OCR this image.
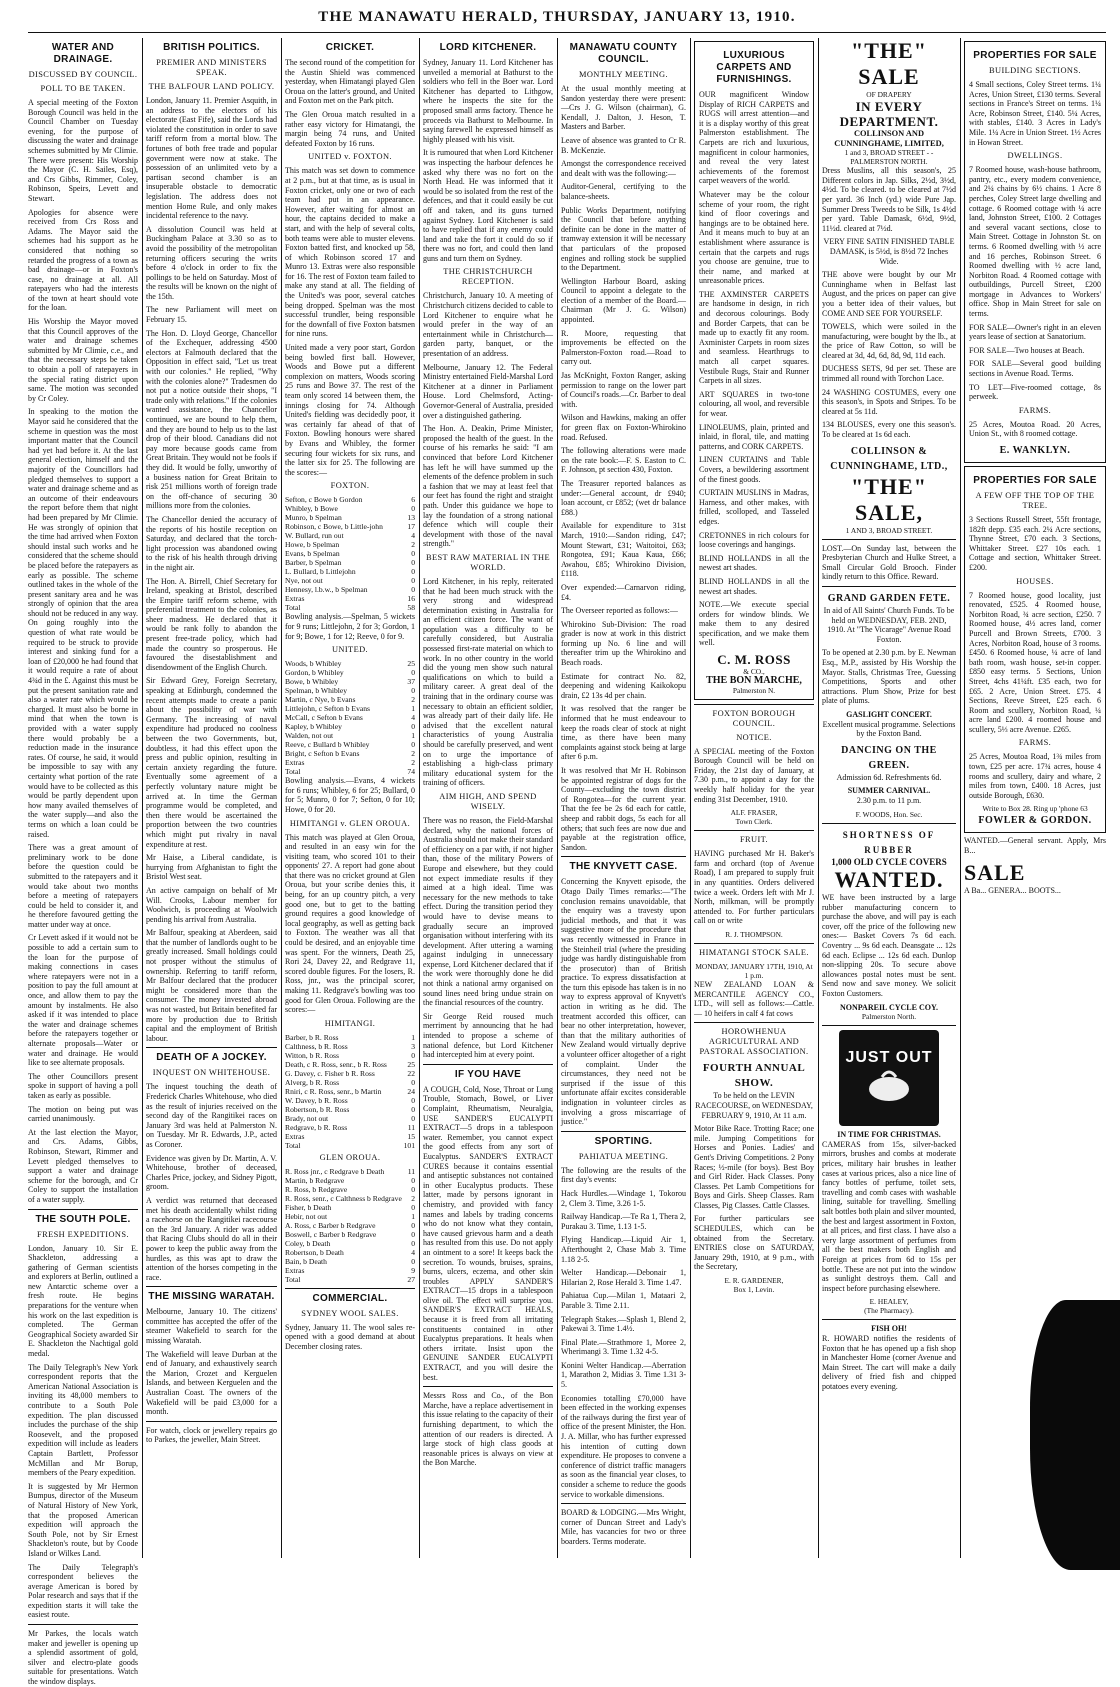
THE MANAWATU HERALD, THURSDAY, JANUARY 13, 1910.
WATER AND DRAINAGE.
DISCUSSED BY COUNCIL.
POLL TO BE TAKEN.

A special meeting of the Foxton Borough Council was held in the Council Chamber on Tuesday evening, for the purpose of discussing the water and drainage schemes submitted by Mr Climie. There were present: His Worship the Mayor (C. H. Sailes, Esq), and Crs Gibbs, Rimmer, Coley, Robinson, Speirs, Levett and Stewart.

Apologies for absence were received from Crs Ross and Adams. The Mayor said the schemes had his support as he considered that nothing so retarded the progress of a town as bad drainage—or in Foxton's case, no drainage at all. All ratepayers who had the interests of the town at heart should vote for the loan.

His Worship the Mayor moved that this Council approves of the water and drainage schemes submitted by Mr Climie, c.e., and that the necessary steps be taken to obtain a poll of ratepayers in the special rating district upon same. The motion was seconded by Cr Coley.

In speaking to the motion the Mayor said he considered that the scheme in question was the most important matter that the Council had yet had before it. At the last general election, himself and the majority of the Councillors had pledged themselves to support a water and drainage scheme and as an outcome of their endeavours the report before them that night had been prepared by Mr Climie. He was strongly of opinion that the time had arrived when Foxton should instal such works and he considered that the scheme should be placed before the ratepayers as early as possible. The scheme outlined takes in the whole of the present sanitary area and he was strongly of opinion that the area should not be reduced in any way. On going roughly into the question of what rate would be required to be struck to provide interest and sinking fund for a loan of £20,000 he had found that it would require a rate of about 4¾d in the £. Against this must be put the present sanitation rate and also a water rate which would be charged. It must also be borne in mind that when the town is provided with a water supply there would probably be a reduction made in the insurance rates. Of course, he said, it would be impossible to say with any certainty what portion of the rate would have to be collected as this would be partly dependent upon how many availed themselves of the water supply—and also the terms on which a loan could be raised.

There was a great amount of preliminary work to be done before the question could be submitted to the ratepayers and it would take about two months before a meeting of ratepayers could be held to consider it, and he therefore favoured getting the matter under way at once.

Cr Levett asked if it would not be possible to add a certain sum to the loan for the purpose of making connections in cases where ratepayers were not in a position to pay the full amount at once, and allow them to pay the amount by instalments. He also asked if it was intended to place the water and drainage schemes before the ratepayers together or alternate proposals—Water or water and drainage. He would like to see alternate proposals.

The other Councillors present spoke in support of having a poll taken as early as possible.

The motion on being put was carried unanimously.

At the last election the Mayor, and Crs. Adams, Gibbs, Robinson, Stewart, Rimmer and Levett pledged themselves to support a water and drainage scheme for the borough, and Cr Coley to support the installation of a water supply.

THE SOUTH POLE.
FRESH EXPEDITIONS.

London, January 10. Sir E. Shackleton, addressing a gathering of German scientists and explorers at Berlin, outlined a new Antarctic scheme over a fresh route. He begins preparations for the venture when his work on the last expedition is completed. The German Geographical Society awarded Sir E. Shackleton the Nachtigal gold medal.

The Daily Telegraph's New York correspondent reports that the American National Association is inviting its 48,000 members to contribute to a South Pole expedition. The plan discussed includes the purchase of the ship Roosevelt, and the proposed expedition will include as leaders Captain Bartlett, Professor McMillan and Mr Borup, members of the Peary expedition.

It is suggested by Mr Hermon Bumpus, director of the Museum of Natural History of New York, that the proposed American expedition will approach the South Pole, not by Sir Ernest Shackleton's route, but by Coode Island or Wilkes Land.

The Daily Telegraph's correspondent believes the average American is bored by Polar research and says that if the expedition starts it will take the easiest route.

Mr Parkes, the locals watch maker and jeweller is opening up a splendid assortment of gold, silver and electro-plate goods suitable for presentations. Watch the window displays.

BRITISH POLITICS.
PREMIER AND MINISTERS SPEAK.
THE BALFOUR LAND POLICY.

London, January 11. Premier Asquith, in an address to the electors of his electorate (East Fife), said the Lords had violated the constitution in order to save tariff reform from a mortal blow. The fortunes of both free trade and popular government were now at stake. The possession of an unlimited veto by a partisan second chamber is an insuperable obstacle to democratic legislation. The address does not mention Home Rule, and only makes incidental reference to the navy.

A dissolution Council was held at Buckingham Palace at 3.30 so as to avoid the possibility of the metropolitan returning officers securing the writs before 4 o'clock in order to fix the pollings to be held on Saturday. Most of the results will be known on the night of the 15th.

The new Parliament will meet on February 15.

The Hon. D. Lloyd George, Chancellor of the Exchequer, addressing 4500 electors at Falmouth declared that the Opposition in effect said, "Let us treat with our colonies." He replied, "Why with the colonies alone?" Tradesmen do not put a notice outside their shops, "I trade only with relations." If the colonies wanted assistance, the Chancellor continued, we are bound to help them, and they are bound to help us to the last drop of their blood. Canadians did not pay more because goods came from Great Britain. They would not be fools if they did. It would be folly, unworthy of a business nation for Great Britain to risk 251 millions worth of foreign trade on the off-chance of securing 30 millions more from the colonies.

The Chancellor denied the accuracy of the reports of his hostile reception on Saturday, and declared that the torch-light procession was abandoned owing to the risk of his health through driving in the night air.

The Hon. A. Birrell, Chief Secretary for Ireland, speaking at Bristol, described the Empire tariff reform scheme, with preferential treatment to the colonies, as sheer madness. He declared that it would be rank folly to abandon the present free-trade policy, which had made the country so prosperous. He favoured the disestablishment and disendowment of the English Church.

Sir Edward Grey, Foreign Secretary, speaking at Edinburgh, condemned the recent attempts made to create a panic about the possibility of war with Germany. The increasing of naval expenditure had produced no coolness between the two Governments, but, doubtless, it had this effect upon the press and public opinion, resulting in certain anxiety regarding the future. Eventually some agreement of a perfectly voluntary nature might be arrived at. In time the German programme would be completed, and then there would be ascertained the proportion between the two countries which might put rivalry in naval expenditure at rest.

Mr Haise, a Liberal candidate, is hurrying from Afghanistan to fight the Bristol West seat.

An active campaign on behalf of Mr Will. Crooks, Labour member for Woolwich, is proceeding at Woolwich pending his arrival from Australia.

Mr Balfour, speaking at Aberdeen, said that the number of landlords ought to be greatly increased. Small holdings could not prosper without the stimulus of ownership. Referring to tariff reform, Mr Balfour declared that the producer might be considered more than the consumer. The money invested abroad was not wasted, but Britain benefited far more by production due to British capital and the employment of British labour.

DEATH OF A JOCKEY.
INQUEST ON WHITEHOUSE.

The inquest touching the death of Frederick Charles Whitehouse, who died as the result of injuries received on the second day of the Rangitikei races on January 3rd was held at Palmerston N. on Tuesday. Mr R. Edwards, J.P., acted as Coroner.

Evidence was given by Dr. Martin, A. V. Whitehouse, brother of deceased, Charles Price, jockey, and Sidney Pigott, groom.

A verdict was returned that deceased met his death accidentally whilst riding a racehorse on the Rangitikei racecourse on the 3rd January. A rider was added that Racing Clubs should do all in their power to keep the public away from the hurdles, as this was apt to draw the attention of the horses competing in the race.

THE MISSING WARATAH.

Melbourne, January 10. The citizens' committee has accepted the offer of the steamer Wakefield to search for the missing Waratah.

The Wakefield will leave Durban at the end of January, and exhaustively search the Marion, Crozet and Kerguelen Islands, and between Kerguelen and the Australian Coast. The owners of the Wakefield will be paid £3,000 for a month.

For watch, clock or jewellery repairs go to Parkes, the jeweller, Main Street.

CRICKET.

The second round of the competition for the Austin Shield was commenced yesterday, when Himatangi played Glen Oroua on the latter's ground, and United and Foxton met on the Park pitch.

The Glen Oroua match resulted in a rather easy victory for Himatangi, the margin being 74 runs, and United defeated Foxton by 16 runs.

UNITED v. FOXTON.

This match was set down to commence at 2 p.m., but at that time, as is usual in Foxton cricket, only one or two of each team had put in an appearance. However, after waiting for almost an hour, the captains decided to make a start, and with the help of several colts, both teams were able to muster elevens. Foxton batted first, and knocked up 58, of which Robinson scored 17 and Munro 13. Extras were also responsible for 16. The rest of Foxton team failed to make any stand at all. The fielding of the United's was poor, several catches being dropped. Spelman was the most successful trundler, being responsible for the downfall of five Foxton batsmen for nine runs.

United made a very poor start, Gordon being bowled first ball. However, Woods and Bowe put a different complexion on matters, Woods scoring 25 runs and Bowe 37. The rest of the team only scored 14 between them, the innings closing for 74. Although United's fielding was decidedly poor, it was certainly far ahead of that of Foxton. Bowling honours were shared by Evans and Whibley, the former securing four wickets for six runs, and the latter six for 25. The following are the scores:—

FOXTON.
Sefton, c Bowe b Gordon	6
Whibley, b Bowe	0
Munro, b Spelman	13
Robinson, c Bowe, b Little-john	17
W. Bullard, run out	4
Howe, b Spelman	2
Evans, b Spelman	0
Barber, b Spelman	0
L. Bullard, b Littlejohn	0
Nye, not out	0
Hennesy, l.b.w., b Spelman	0
Extras	16
Total	58

Bowling analysis.—Spelman, 5 wickets for 9 runs; Littlejohn, 2 for 3; Gordon, 1 for 9; Bowe, 1 for 12; Reeve, 0 for 9.

UNITED.
Woods, b Whibley	25
Gordon, b Whibley	0
Bowe, b Whibley	37
Spelman, b Whibley	0
Martin, c Nye, b Evans	2
Littlejohn, c Sefton b Evans	1
McCall, c Sefton b Evans	4
Kapley, b Whibley	0
Walden, not out	1
Reeve, c Bullard b Whibley	0
Bright, c Sefton b Evans	2
Extras	2
Total	74

Bowling analysis.—Evans, 4 wickets for 6 runs; Whibley, 6 for 25; Bullard, 0 for 5; Munro, 0 for 7; Sefton, 0 for 10; Howe, 0 for 20.

HIMITANGI v. GLEN OROUA.

This match was played at Glen Oroua, and resulted in an easy win for the visiting team, who scored 101 to their opponents' 27. A report had gone about that there was no cricket ground at Glen Oroua, but your scribe denies this, it being, for an up country pitch, a very good one, but to get to the batting ground requires a good knowledge of local geography, as well as getting back to Foxton. The weather was all that could be desired, and an enjoyable time was spent. For the winners, Death 25, Rori 24, Davey 22, and Redgrave 11, scored double figures. For the losers, R. Ross, jnr., was the principal scorer, making 11. Redgrave's bowling was too good for Glen Oroua. Following are the scores:—

HIMITANGI.
Barber, b R. Ross	1
Calthness, b R. Ross	3
Witton, b R. Ross	0
Death, c R. Ross, senr., b R. Ross	25
G. Davey, c. Fisher b R. Ross	22
Alverg, b R. Ross	0
Rniri, c R. Ross, senr., b Martin	24
W. Davey, b R. Ross	0
Robertson, b R. Ross	0
Brady, not out	0
Redgrave, b R. Ross	11
Extras	15
Total	101
GLEN OROUA.
R. Ross jnr., c Redgrave b Death	11
Martin, b Redgrave	0
R. Ross, b Redgrave	0
R. Ross, senr., c Calthness b Redgrave 2
Fisher, b Death	0
Hebir, not out	1
A. Ross, c Barber b Redgrave	0
Boswell, c Barber b Redgrave	0
Coley, b Death	0
Robertson, b Death	4
Bain, b Death	0
Extras	9
Total	27
COMMERCIAL.
SYDNEY WOOL SALES.

Sydney, January 11. The wool sales re-opened with a good demand at about December closing rates.

LORD KITCHENER.

Sydney, January 11. Lord Kitchener has unveiled a memorial at Bathurst to the soldiers who fell in the Boer war. Lord Kitchener has departed to Lithgow, where he inspects the site for the proposed small arms factory. Thence he proceeds via Bathurst to Melbourne. In saying farewell he expressed himself as highly pleased with his visit.

It is rumoured that when Lord Kitchener was inspecting the harbour defences he asked why there was no fort on the North Head. He was informed that it would be so isolated from the rest of the defences, and that it could easily be cut off and taken, and its guns turned against Sydney. Lord Kitchener is said to have replied that if any enemy could land and take the fort it could do so if there was no fort, and could then land guns and turn them on Sydney.

THE CHRISTCHURCH RECEPTION.

Christchurch, January 10. A meeting of Christchurch citizens decided to cable to Lord Kitchener to enquire what he would prefer in the way of an entertainment while in Christchurch—garden party, banquet, or the presentation of an address.

Melbourne, January 12. The Federal Ministry entertained Field-Marshal Lord Kitchener at a dinner in Parliament House. Lord Chelmsford, Acting-Governor-General of Australia, presided over a distinguished gathering.

The Hon. A. Deakin, Prime Minister, proposed the health of the guest. In the course of his remarks he said: "I am convinced that before Lord Kitchener has left he will have summed up the elements of the defence problem in such a fashion that we may at least feel that our feet has found the right and straight path. Under this guidance we hope to lay the foundation of a strong national defence which will couple their development with those of the naval strength."

BEST RAW MATERIAL IN THE WORLD.

Lord Kitchener, in his reply, reiterated that he had been much struck with the very strong and widespread determination existing in Australia for an efficient citizen force. The want of population was a difficulty to be carefully considered, but Australia possessed first-rate material on which to work. In no other country in the world did the young men show such natural qualifications on which to build a military career. A great deal of the training that in the ordinary course was necessary to obtain an efficient soldier, was already part of their daily life. He advised that the excellent natural characteristics of young Australia should be carefully preserved, and went on to urge the importance of establishing a high-class primary military educational system for the training of officers.

AIM HIGH, AND SPEND WISELY.

There was no reason, the Field-Marshal declared, why the national forces of Australia should not make their standard of efficiency on a par with, if not higher than, those of the military Powers of Europe and elsewhere, but they could not expect immediate results if they aimed at a high ideal. Time was necessary for the new methods to take effect. During the transition period they would have to devise means to gradually secure an improved organisation without interfering with its development. After uttering a warning against indulging in unnecessary expense, Lord Kitchener declared that if the work were thoroughly done he did not think a national army organised on sound lines need bring undue strain on the financial resources of the country.

Sir George Reid roused much merriment by announcing that he had intended to propose a scheme of national defence, but Lord Kitchener had intercepted him at every point.

IF YOU HAVE

A COUGH, Cold, Nose, Throat or Lung Trouble, Stomach, Bowel, or Liver Complaint, Rheumatism, Neuralgia, USE SANDER'S EUCALYPTI EXTRACT—5 drops in a tablespoon water. Remember, you cannot expect the good effects from any sort of Eucalyptus. SANDER'S EXTRACT CURES because it contains essential and antiseptic substances not contained in other Eucalyptus products. These latter, made by persons ignorant in chemistry, and provided with fancy names and labels by trading concerns who do not know what they contain, have caused grievous harm and a death has resulted from this use. Do not apply an ointment to a sore! It keeps back the secretion. To wounds, bruises, sprains, burns, ulcers, eczema, and other skin troubles APPLY SANDER'S EXTRACT—15 drops in a tablespoon olive oil. The effect will surprise you. SANDER'S EXTRACT HEALS, because it is freed from all irritating constituents contained in other Eucalyptus preparations. It heals when others irritate. Insist upon the GENUINE SANDER EUCALYPTI EXTRACT, and you will desire the best.

Messrs Ross and Co., of the Bon Marche, have a replace advertisement in this issue relating to the capacity of their furnishing department, to which the attention of our readers is directed. A large stock of high class goods at reasonable prices is always on view at the Bon Marche.

MANAWATU COUNTY COUNCIL.
MONTHLY MEETING.

At the usual monthly meeting at Sandon yesterday there were present:—Crs J. G. Wilson (chairman), G. Kendall, J. Dalton, J. Heson, T. Masters and Barber.

Leave of absence was granted to Cr R. B. McKenzie.

Amongst the correspondence received and dealt with was the following:—

Auditor-General, certifying to the balance-sheets.

Public Works Department, notifying the Council that before anything definite can be done in the matter of tramway extension it will be necessary that particulars of the proposed engines and rolling stock be supplied to the Department.

Wellington Harbour Board, asking Council to appoint a delegate to the election of a member of the Board.—Chairman (Mr J. G. Wilson) appointed.

R. Moore, requesting that improvements be effected on the Palmerston-Foxton road.—Road to carry out.

Jas McKnight, Foxton Ranger, asking permission to range on the lower part of Council's roads.—Cr. Barber to deal with.

Wilson and Hawkins, making an offer for green flax on Foxton-Whirokino road. Refused.

The following alterations were made on the rate book:—F. S. Easton to C. F. Johnson, pt section 430, Foxton.

The Treasurer reported balances as under:—General account, dr £940; loan account, cr £852; (wet dr balance £88.)

Available for expenditure to 31st March, 1910:—Sandon riding, £47; Mount Stewart, £31; Waitoitoi, £63; Rongotea, £91; Kaua Kaua, £66; Awahou, £85; Whirokino Division, £118.

Over expended:—Carnarvon riding, £4.

The Overseer reported as follows:—

Whirokino Sub-Division: The road grader is now at work in this district forming up No. 6 line and will thereafter trim up the Whirokino and Beach roads.

Estimate for contract No. 82, deepening and widening Kaikokopu drain, £2 13s 4d per chain.

It was resolved that the ranger be informed that he must endeavour to keep the roads clear of stock at night time, as there have been many complaints against stock being at large after 6 p.m.

It was resolved that Mr H. Robinson be appointed registrar of dogs for the County—excluding the town district of Rongotea—for the current year. That the fee be 2s 6d each for cattle, sheep and rabbit dogs, 5s each for all others; that such fees are now due and payable at the registration office, Sandon.

THE KNYVETT CASE.

Concerning the Knyvett episode, the Otago Daily Times remarks:—"The conclusion remains unavoidable, that the enquiry was a travesty upon judicial methods, and that it was suggestive more of the procedure that was recently witnessed in France in the Steinheil trial (where the presiding judge was hardly distinguishable from the prosecutor) than of British practice. To express dissatisfaction at the turn this episode has taken is in no way to express approval of Knyvett's action in writing as he did. The treatment accorded this officer, can bear no other interpretation, however, than that the military authorities of New Zealand would virtually deprive a volunteer officer altogether of a right of complaint. Under the circumstances, they need not be surprised if the issue of this unfortunate affair excites considerable indignation in volunteer circles as involving a gross miscarriage of justice."

SPORTING.
PAHIATUA MEETING.

The following are the results of the first day's events:

Hack Hurdles.—Windage 1, Tokorou 2, Clem 3. Time, 3.26 1-5.

Railway Handicap.—Te Ra 1, Thera 2, Purakau 3. Time, 1.13 1-5.

Flying Handicap.—Liquid Air 1, Afterthought 2, Chase Mab 3. Time 1.18 2-5.

Welter Handicap.—Debonair 1, Hilarian 2, Rose Herald 3. Time 1.47.

Pahiatua Cup.—Milan 1, Mataari 2, Parable 3. Time 2.11.

Telegraph Stakes.—Splash 1, Blend 2, Pakewai 3. Time 1.4½.

Final Plate.—Strathmore 1, Moree 2, Wherimangi 3. Time 1.32 4-5.

Konini Welter Handicap.—Aberration 1, Marathon 2, Midias 3. Time 1.31 3-5.

Economies totalling £70,000 have been effected in the working expenses of the railways during the first year of office of the present Minister, the Hon. J. A. Millar, who has further expressed his intention of cutting down expenditure. He proposes to convene a conference of district traffic managers as soon as the financial year closes, to consider a scheme to reduce the goods service to workable dimensions.

BOARD & LODGING.—Mrs Wright, corner of Duncan Street and Lady's Mile, has vacancies for two or three boarders. Terms moderate.

LUXURIOUS CARPETS AND FURNISHINGS.

OUR magnificent Window Display of RICH CARPETS and RUGS will arrest attention—and it is a display worthy of this great Palmerston establishment. The Carpets are rich and luxurious, magnificent in colour harmonies, and reveal the very latest achievements of the foremost carpet weavers of the world.

Whatever may be the colour scheme of your room, the right kind of floor coverings and hangings are to be obtained here. And it means much to buy at an establishment where assurance is certain that the carpets and rugs you choose are genuine, true to their name, and marked at unreasonable prices.

THE AXMINSTER CARPETS are handsome in design, in rich and decorous colourings. Body and Border Carpets, that can be made up to exactly fit any room. Axminister Carpets in room sizes and seamless. Hearthrugs to match all carpet squares. Vestibule Rugs, Stair and Runner Carpets in all sizes.

ART SQUARES in two-tone colouring, all wool, and reversible for wear.

LINOLEUMS, plain, printed and inlaid, in floral, tile, and matting patterns, and CORK CARPETS.

LINEN CURTAINS and Table Covers, a bewildering assortment of the finest goods.

CURTAIN MUSLINS in Madras, Harness, and other makes, with frilled, scolloped, and Tasseled edges.

CRETONNES in rich colours for loose coverings and hangings.

BLIND HOLLANDS in all the newest art shades.

BLIND HOLLANDS in all the newest art shades.

NOTE.—We execute special orders for window blinds. We make them to any desired specification, and we make them well.

C. M. ROSS
& CO.,
THE BON MARCHE,
Palmerston N.
FOXTON BOROUGH COUNCIL.
NOTICE.

A SPECIAL meeting of the Foxton Borough Council will be held on Friday, the 21st day of January, at 7.30 p.m., to appoint a day for the weekly half holiday for the year ending 31st December, 1910.

ALF. FRASER,
Town Clerk.
FRUIT.

HAVING purchased Mr H. Baker's farm and orchard (top of Avenue Road), I am prepared to supply fruit in any quantities. Orders delivered twice a week. Orders left with Mr J. North, milkman, will be promptly attended to. For further particulars call on or write

R. J. THOMPSON.
HIMATANGI STOCK SALE.
MONDAY, JANUARY 17TH, 1910, At 1 p.m.

NEW ZEALAND LOAN & MERCANTILE AGENCY CO., LTD., will sell as follows:—Cattle.— 10 heifers in calf 4 fat cows

HOROWHENUA AGRICULTURAL AND PASTORAL ASSOCIATION.
FOURTH ANNUAL SHOW.

To be held on the LEVIN RACECOURSE, on WEDNESDAY, FEBRUARY 9, 1910, At 11 a.m.

Motor Bike Race. Trotting Race; one mile. Jumping Competitions for Horses and Ponies. Ladies' and Gent's Driving Competitions. 2 Pony Races; ½-mile (for boys). Best Boy and Girl Rider. Hack Classes. Pony Classes. Pet Lamb Competitions for Boys and Girls. Sheep Classes. Ram Classes, Pig Classes. Cattle Classes.

For further particulars see SCHEDULES, which can be obtained from the Secretary. ENTRIES close on SATURDAY, January 29th, 1910, at 9 p.m., with the Secretary,

E. R. GARDENER,
Box 1, Levin.
"THE" SALE
OF DRAPERY
IN EVERY DEPARTMENT.
COLLINSON AND CUNNINGHAME, LIMITED,
1 and 3, BROAD STREET - - PALMERSTON NORTH.

Dress Muslins, all this season's, 25 Different colors in Jap. Silks, 2½d, 3½d, 4½d. To be cleared. to be cleared at 7½d per yard. 36 Inch (yd.) wide Pure Jap. Summer Dress Tweeds to be Silk, 1s 4½d per yard. Table Damask, 6½d, 9½d, 11½d. cleared at 7½d.

VERY FINE SATIN FINISHED TABLE DAMASK, is 5½d, is 8½d 72 Inches Wide.

THE above were bought by our Mr Cunninghame when in Belfast last August, and the prices on paper can give you a better idea of their values, but COME AND SEE FOR YOURSELF.

TOWELS, which were soiled in the manufacturing, were bought by the lb., at the price of Raw Cotton, so will be cleared at 3d, 4d, 6d, 8d, 9d, 11d each.

DUCHESS SETS, 9d per set. These are trimmed all round with Torchon Lace.

24 WASHING COSTUMES, every one this season's, in Spots and Stripes. To be cleared at 5s 11d.

134 BLOUSES, every one this season's. To be cleared at 1s 6d each.

COLLINSON & CUNNINGHAME, LTD.,
"THE" SALE,
1 AND 3, BROAD STREET.

LOST.—On Sunday last, between the Presbyterian Church and Hulke Street, a Small Circular Gold Brooch. Finder kindly return to this Office. Reward.

GRAND GARDEN FETE.

In aid of All Saints' Church Funds. To be held on WEDNESDAY, FEB. 2ND, 1910. At "The Vicarage" Avenue Road Foxton.

To be opened at 2.30 p.m. by E. Newman Esq., M.P., assisted by His Worship the Mayor. Stalls, Christmas Tree, Guessing Competitions, Sports and other attractions. Plum Show, Prize for best plate of plums.

GASLIGHT CONCERT.

Excellent musical programme. Selections by the Foxton Band.

DANCING ON THE GREEN.

Admission 6d. Refreshments 6d.

SUMMER CARNIVAL.

2.30 p.m. to 11 p.m.

F. WOODS, Hon. Sec.
SHORTNESS OF RUBBER
1,000 OLD CYCLE COVERS
WANTED.

WE have been instructed by a large rubber manufacturing concern to purchase the above, and will pay is each cover, off the price of the following new ones:— Basket Covers 7s 6d each. Coventry ... 9s 6d each. Deansgate ... 12s 6d each. Eclipse ... 12s 6d each. Dunlop non-slipping 20s. To secure above allowances postal notes must be sent. Send now and save money. We solicit Foxton Customers.

NONPAREIL CYCLE COY.
Palmerston North.
JUST OUT
IN TIME FOR CHRISTMAS.

CAMERAS from 15s, silver-backed mirrors, brushes and combs at moderate prices, military hair brushes in leather cases at various prices, also a nice line of fancy bottles of perfume, toilet sets, travelling and comb cases with washable lining, suitable for travelling. Smelling salt bottles both plain and silver mounted, the best and largest assortment in Foxton, at all prices, and first class. I have also a very large assortment of perfumes from all the best makers both English and Foreign at prices from 6d to 15s per bottle. These are not put into the window as sunlight destroys them. Call and inspect before purchasing elsewhere.

E. HEALEY,
(The Pharmacy).
FISH OH!

R. HOWARD notifies the residents of Foxton that he has opened up a fish shop in Manchester Home (corner Avenue and Main Street. The cart will make a daily delivery of fried fish and chipped potatoes every evening.

PROPERTIES FOR SALE
BUILDING SECTIONS.

4 Small sections, Coley Street terms. 1¼ Acres, Union Street, £130 terms. Several sections in France's Street on terms. 1¼ Acre, Robinson Street, £140. 5¼ Acres, with stables, £140. 3 Acres in Lady's Mile. 1¼ Acre in Union Street. 1½ Acres in Howan Street.

DWELLINGS.

7 Roomed house, wash-house bathroom, pantry, etc., every modern convenience, and 2¼ chains by 6½ chains. 1 Acre 8 perches, Coley Street large dwelling and cottage. 6 Roomed cottage with ¼ acre land, Johnston Street, £100. 2 Cottages and several vacant sections, close to Main Street. Cottage in Johnston St. on terms. 6 Roomed dwelling with ½ acre and 16 perches, Robinson Street. 6 Roomed dwelling with ½ acre land, Norbiton Road. 4 Roomed cottage with outbuildings, Purcell Street, £200 mortgage in Advances to Workers' office. Shop in Main Street for sale on terms.

FOR SALE—Owner's right in an eleven years lease of section at Sanatorium.

FOR SALE—Two houses at Beach.

FOR SALE—Several good building sections in Avenue Road. Terms.

TO LET—Five-roomed cottage, 8s perweek.

FARMS.

25 Acres, Moutoa Road. 20 Acres, Union St., with 8 roomed cottage.

E. WANKLYN.
PROPERTIES FOR SALE
A FEW OFF THE TOP OF THE TREE.

3 Sections Russell Street, 55ft frontage, 182ft depp. £35 each. 2¼ Acre sections, Thynne Street, £70 each. 3 Sections, Whittaker Street. £27 10s each. 1 Cottage and section, Whittaker Street. £200.

HOUSES.

7 Roomed house, good locality, just renovated, £525. 4 Roomed house, Norbiton Road, ¾ acre section, £250. 7 Roomed house, 4½ acres land, corner Purcell and Brown Streets, £700. 3 Acres, Norbiton Road, house of 3 rooms. £450. 6 Roomed house, ¼ acre of land bath room, wash house, set-in copper. £850 easy terms. 5 Sections, Union Street, 4chs 41¼ft. £35 each, two for £65. 2 Acre, Union Street. £75. 4 Sections, Reeve Street, £25 each. 6 Room and scullery, Norbiton Road, ¼ acre land £200. 4 roomed house and scullery, 5⅓ acre Avenue. £265.

FARMS.

25 Acres, Moutoa Road, 1¾ miles from town, £25 per acre. 17¾ acres, house 4 rooms and scullery, dairy and whare, 2 miles from town, £400. 18 Acres, just outside Borough, £630.

Write to Box 28. Ring up 'phone 63
FOWLER & GORDON.

WANTED.—General servant. Apply, Mrs B...

SALE

A Ba... GENERA... BOOTS...
